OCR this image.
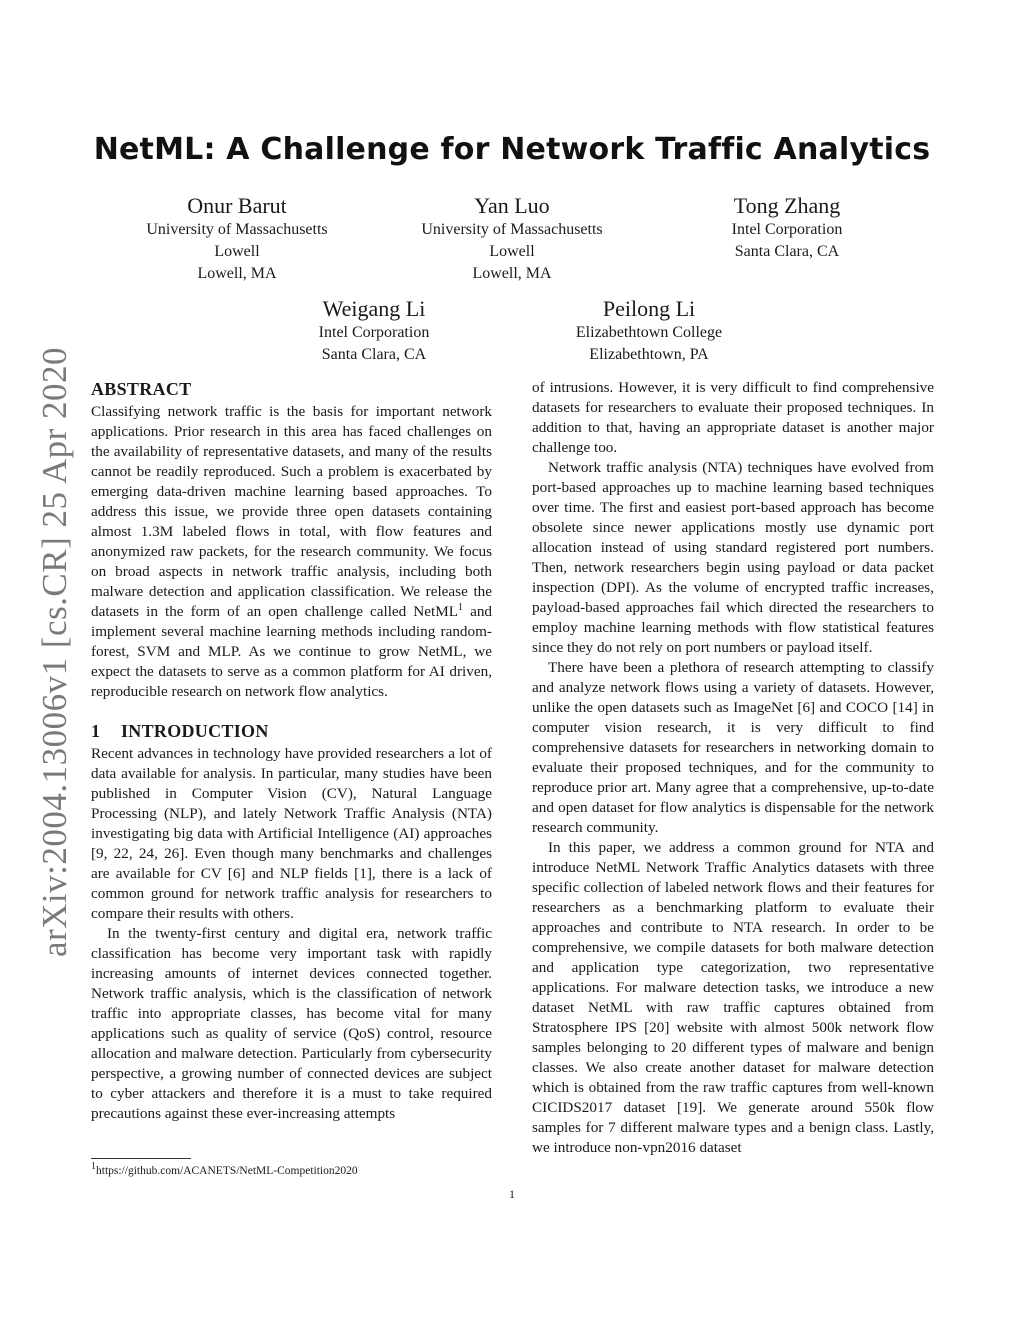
arXiv:2004.13006v1 [cs.CR] 25 Apr 2020
NetML: A Challenge for Network Traffic Analytics
Onur Barut
University of Massachusetts
Lowell
Lowell, MA
Yan Luo
University of Massachusetts
Lowell
Lowell, MA
Tong Zhang
Intel Corporation
Santa Clara, CA
Weigang Li
Intel Corporation
Santa Clara, CA
Peilong Li
Elizabethtown College
Elizabethtown, PA
ABSTRACT

Classifying network traffic is the basis for important network applications. Prior research in this area has faced challenges on the availability of representative datasets, and many of the results cannot be readily reproduced. Such a problem is exacerbated by emerging data-driven machine learning based approaches. To address this issue, we provide three open datasets containing almost 1.3M labeled flows in total, with flow features and anonymized raw packets, for the research community. We focus on broad aspects in network traffic analysis, including both malware detection and application classification. We release the datasets in the form of an open challenge called NetML$^1$ and implement several machine learning methods including random-forest, SVM and MLP. As we continue to grow NetML, we expect the datasets to serve as a common platform for AI driven, reproducible research on network flow analytics.

1 INTRODUCTION

Recent advances in technology have provided researchers a lot of data available for analysis. In particular, many studies have been published in Computer Vision (CV), Natural Language Processing (NLP), and lately Network Traffic Analysis (NTA) investigating big data with Artificial Intelligence (AI) approaches [9, 22, 24, 26]. Even though many benchmarks and challenges are available for CV [6] and NLP fields [1], there is a lack of common ground for network traffic analysis for researchers to compare their results with others.

In the twenty-first century and digital era, network traffic classification has become very important task with rapidly increasing amounts of internet devices connected together. Network traffic analysis, which is the classification of network traffic into appropriate classes, has become vital for many applications such as quality of service (QoS) control, resource allocation and malware detection. Particularly from cybersecurity perspective, a growing number of connected devices are subject to cyber attackers and therefore it is a must to take required precautions against these ever-increasing attempts

of intrusions. However, it is very difficult to find comprehensive datasets for researchers to evaluate their proposed techniques. In addition to that, having an appropriate dataset is another major challenge too.

Network traffic analysis (NTA) techniques have evolved from port-based approaches up to machine learning based techniques over time. The first and easiest port-based approach has become obsolete since newer applications mostly use dynamic port allocation instead of using standard registered port numbers. Then, network researchers begin using payload or data packet inspection (DPI). As the volume of encrypted traffic increases, payload-based approaches fail which directed the researchers to employ machine learning methods with flow statistical features since they do not rely on port numbers or payload itself.

There have been a plethora of research attempting to classify and analyze network flows using a variety of datasets. However, unlike the open datasets such as ImageNet [6] and COCO [14] in computer vision research, it is very difficult to find comprehensive datasets for researchers in networking domain to evaluate their proposed techniques, and for the community to reproduce prior art. Many agree that a comprehensive, up-to-date and open dataset for flow analytics is dispensable for the network research community.

In this paper, we address a common ground for NTA and introduce NetML Network Traffic Analytics datasets with three specific collection of labeled network flows and their features for researchers as a benchmarking platform to evaluate their approaches and contribute to NTA research. In order to be comprehensive, we compile datasets for both malware detection and application type categorization, two representative applications. For malware detection tasks, we introduce a new dataset NetML with raw traffic captures obtained from Stratosphere IPS [20] website with almost 500k network flow samples belonging to 20 different types of malware and benign classes. We also create another dataset for malware detection which is obtained from the raw traffic captures from well-known CICIDS2017 dataset [19]. We generate around 550k flow samples for 7 different malware types and a benign class. Lastly, we introduce non-vpn2016 dataset

$^1$https://github.com/ACANETS/NetML-Competition2020
1
